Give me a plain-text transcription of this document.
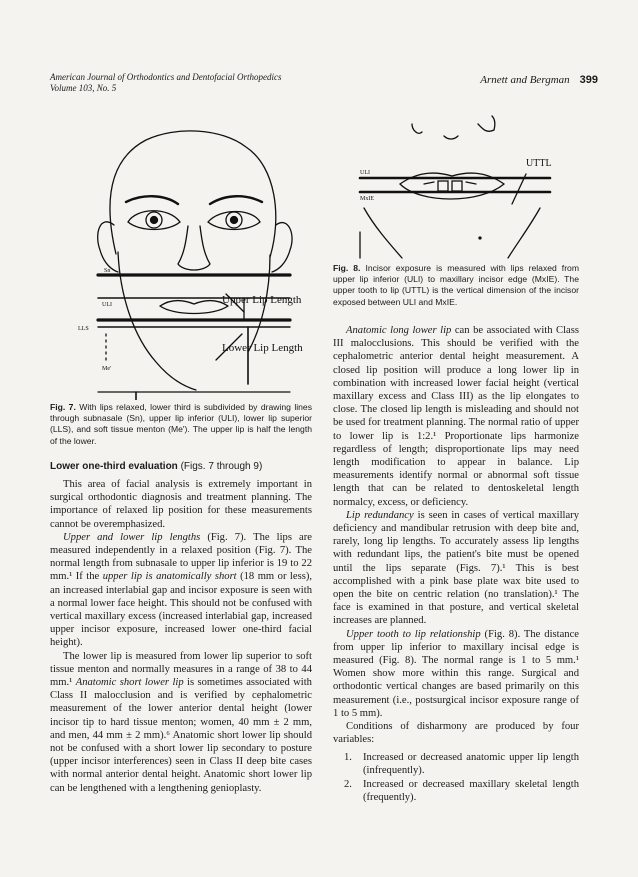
American Journal of Orthodontics and Dentofacial Orthopedics
Volume 103, No. 5
Arnett and Bergman 399
Sn
ULI
LLS
Me'
Upper Lip Length
Lower Lip Length
Fig. 7. With lips relaxed, lower third is subdivided by drawing lines through subnasale (Sn), upper lip inferior (ULI), lower lip superior (LLS), and soft tissue menton (Me'). The upper lip is half the length of the lower.
ULI
MxIE
UTTL
Fig. 8. Incisor exposure is measured with lips relaxed from upper lip inferior (ULI) to maxillary incisor edge (MxIE). The upper tooth to lip (UTTL) is the vertical dimension of the incisor exposed between ULI and MxIE.
Lower one-third evaluation (Figs. 7 through 9)

This area of facial analysis is extremely important in surgical orthodontic diagnosis and treatment planning. The importance of relaxed lip position for these measurements cannot be overemphasized.

Upper and lower lip lengths (Fig. 7). The lips are measured independently in a relaxed position (Fig. 7). The normal length from subnasale to upper lip inferior is 19 to 22 mm.¹ If the upper lip is anatomically short (18 mm or less), an increased interlabial gap and incisor exposure is seen with a normal lower face height. This should not be confused with vertical maxillary excess (increased interlabial gap, increased upper incisor exposure, increased lower one-third facial height).

The lower lip is measured from lower lip superior to soft tissue menton and normally measures in a range of 38 to 44 mm.¹ Anatomic short lower lip is sometimes associated with Class II malocclusion and is verified by cephalometric measurement of the lower anterior dental height (lower incisor tip to hard tissue menton; women, 40 mm ± 2 mm, and men, 44 mm ± 2 mm).⁶ Anatomic short lower lip should not be confused with a short lower lip secondary to posture (upper incisor interferences) seen in Class II deep bite cases with normal anterior dental height. Anatomic short lower lip can be lengthened with a lengthening genioplasty.

Anatomic long lower lip can be associated with Class III malocclusions. This should be verified with the cephalometric anterior dental height measurement. A closed lip position will produce a long lower lip in combination with increased lower facial height (vertical maxillary excess and Class III) as the lip elongates to close. The closed lip length is misleading and should not be used for treatment planning. The normal ratio of upper to lower lip is 1:2.¹ Proportionate lips harmonize regardless of length; disproportionate lips may need length modification to appear in balance. Lip measurements identify normal or abnormal soft tissue length that can be related to dentoskeletal length normalcy, excess, or deficiency.

Lip redundancy is seen in cases of vertical maxillary deficiency and mandibular retrusion with deep bite and, rarely, long lip lengths. To accurately assess lip lengths with redundant lips, the patient's bite must be opened until the lips separate (Figs. 7).¹ This is best accomplished with a pink base plate wax bite used to open the bite on centric relation (no translation).¹ The face is examined in that posture, and vertical skeletal increases are planned.

Upper tooth to lip relationship (Fig. 8). The distance from upper lip inferior to maxillary incisal edge is measured (Fig. 8). The normal range is 1 to 5 mm.¹ Women show more within this range. Surgical and orthodontic vertical changes are based primarily on this measurement (i.e., postsurgical incisor exposure range of 1 to 5 mm).

Conditions of disharmony are produced by four variables:

1. Increased or decreased anatomic upper lip length (infrequently).
2. Increased or decreased maxillary skeletal length (frequently).
